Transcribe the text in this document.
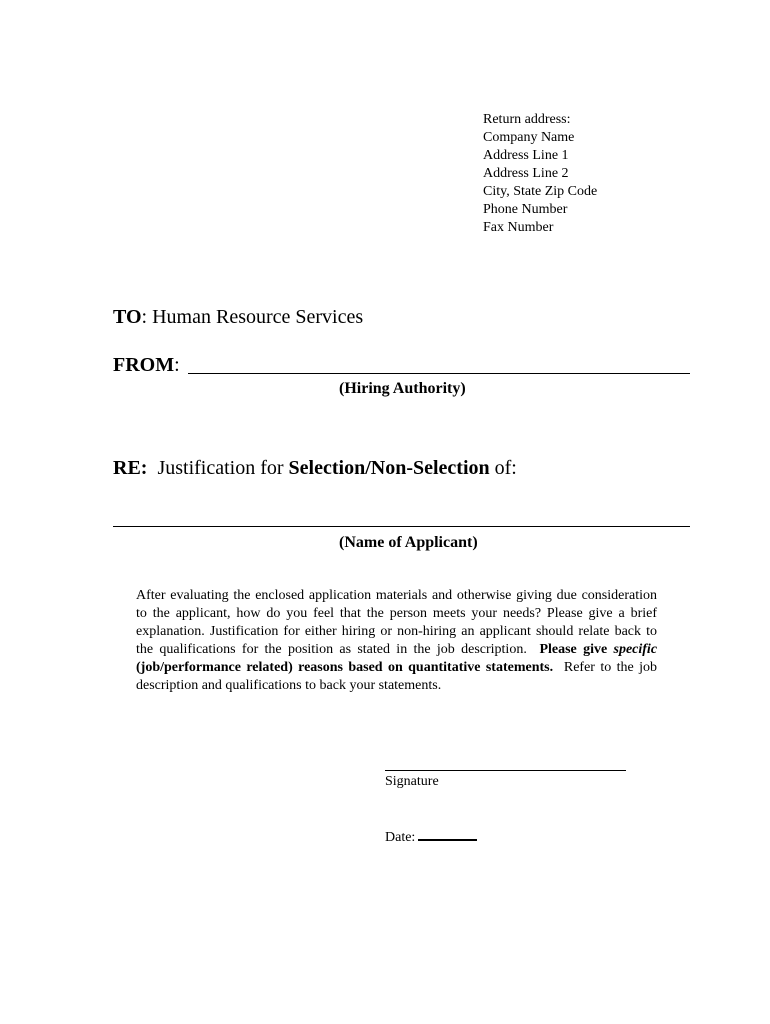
Return address:
Company Name
Address Line 1
Address Line 2
City, State Zip Code
Phone Number
Fax Number
TO: Human Resource Services
FROM:
(Hiring Authority)
RE: Justification for Selection/Non-Selection of:
(Name of Applicant)
After evaluating the enclosed application materials and otherwise giving due consideration to the applicant, how do you feel that the person meets your needs? Please give a brief explanation. Justification for either hiring or non-hiring an applicant should relate back to the qualifications for the position as stated in the job description. Please give specific (job/performance related) reasons based on quantitative statements. Refer to the job description and qualifications to back your statements.
Signature
Date:
